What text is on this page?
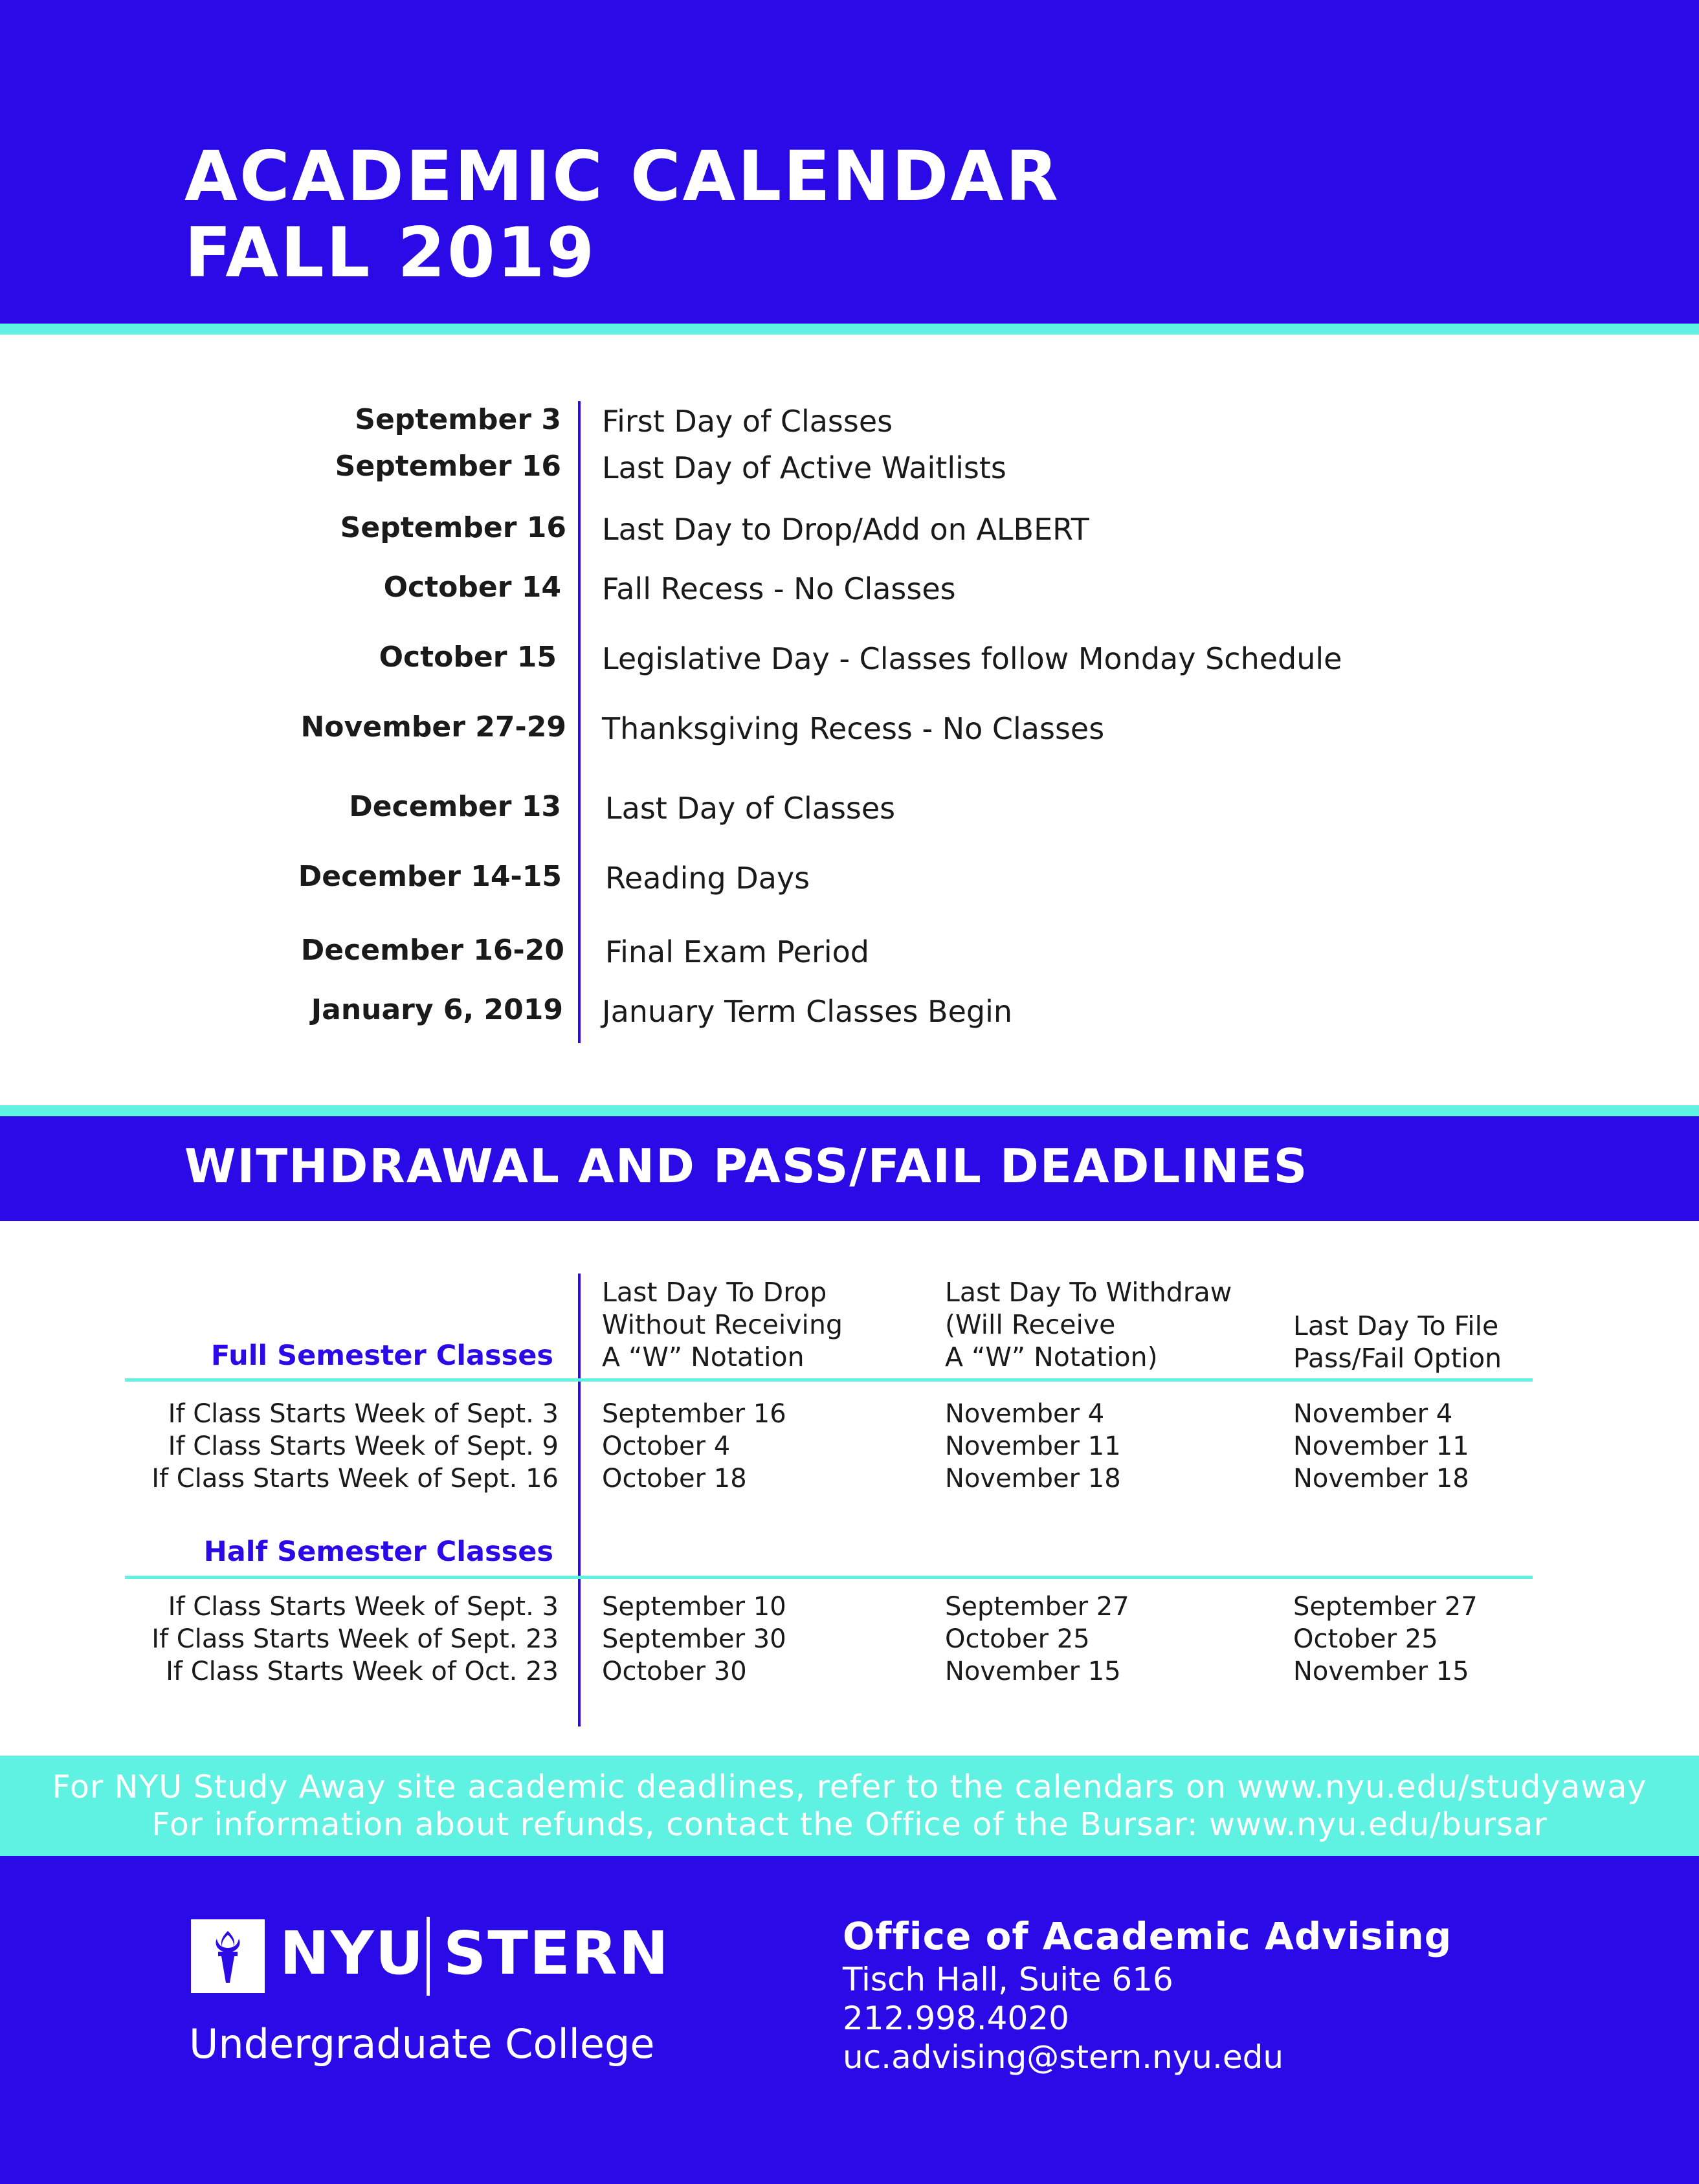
ACADEMIC CALENDAR
FALL 2019
September 3 First Day of Classes
September 16 Last Day of Active Waitlists
September 16 Last Day to Drop/Add on ALBERT
October 14 Fall Recess - No Classes
October 15 Legislative Day - Classes follow Monday Schedule
November 27-29 Thanksgiving Recess - No Classes
December 13 Last Day of Classes
December 14-15 Reading Days
December 16-20 Final Exam Period
January 6, 2019 January Term Classes Begin
WITHDRAWAL AND PASS/FAIL DEADLINES
Last Day To Drop
Without Receiving
A “W” Notation
Last Day To Withdraw
(Will Receive
A “W” Notation)
Last Day To File
Pass/Fail Option
Full Semester Classes
If Class Starts Week of Sept. 3
If Class Starts Week of Sept. 9
If Class Starts Week of Sept. 16
September 16
October 4
October 18
November 4
November 11
November 18
November 4
November 11
November 18
Half Semester Classes
If Class Starts Week of Sept. 3
If Class Starts Week of Sept. 23
If Class Starts Week of Oct. 23
September 10
September 30
October 30
September 27
October 25
November 15
September 27
October 25
November 15
For NYU Study Away site academic deadlines, refer to the calendars on www.nyu.edu/studyaway
For information about refunds, contact the Office of the Bursar: www.nyu.edu/bursar
NYU STERN
Undergraduate College
Office of Academic Advising
Tisch Hall, Suite 616
212.998.4020
uc.advising@stern.nyu.edu
